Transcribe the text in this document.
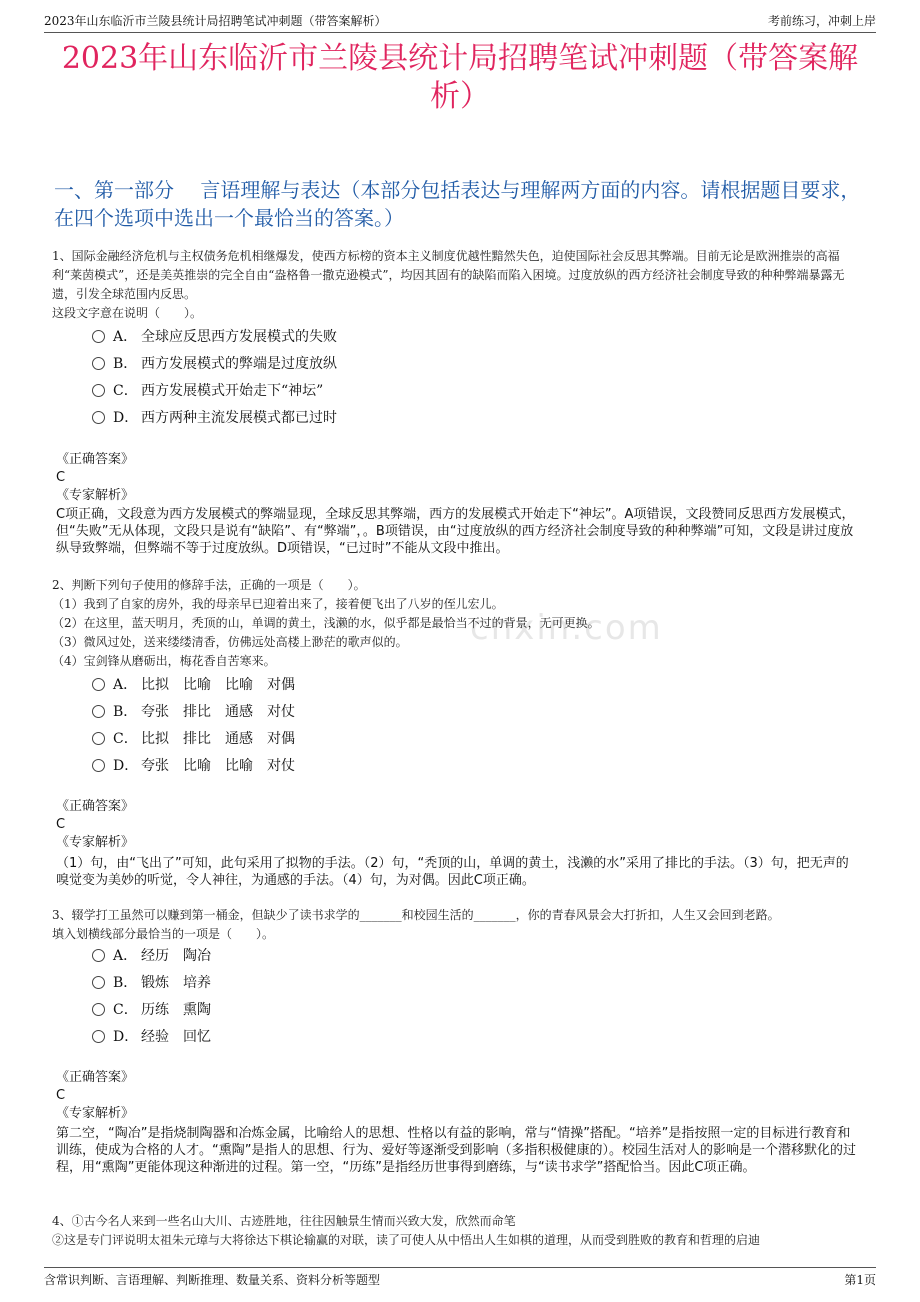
2023年山东临沂市兰陵县统计局招聘笔试冲刺题（带答案解析）	考前练习，冲刺上岸
2023年山东临沂市兰陵县统计局招聘笔试冲刺题（带答案解析）
一、第一部分　 言语理解与表达（本部分包括表达与理解两方面的内容。请根据题目要求，在四个选项中选出一个最恰当的答案。）

1、国际金融经济危机与主权债务危机相继爆发，使西方标榜的资本主义制度优越性黯然失色，迫使国际社会反思其弊端。目前无论是欧洲推崇的高福利“莱茵模式”，还是美英推崇的完全自由“盎格鲁一撒克逊模式”，均因其固有的缺陷而陷入困境。过度放纵的西方经济社会制度导致的种种弊端暴露无遗，引发全球范围内反思。

这段文字意在说明（　　）。

A． 全球应反思西方发展模式的失败
B． 西方发展模式的弊端是过度放纵
C． 西方发展模式开始走下“神坛”
D． 西方两种主流发展模式都已过时

《正确答案》

C

《专家解析》

C项正确，文段意为西方发展模式的弊端显现，全球反思其弊端，西方的发展模式开始走下“神坛”。A项错误，文段赞同反思西方发展模式，但“失败”无从体现，文段只是说有“缺陷”、有“弊端”，。B项错误，由“过度放纵的西方经济社会制度导致的种种弊端”可知，文段是讲过度放纵导致弊端，但弊端不等于过度放纵。D项错误，“已过时”不能从文段中推出。

2、判断下列句子使用的修辞手法，正确的一项是（　　）。

（1）我到了自家的房外，我的母亲早已迎着出来了，接着便飞出了八岁的侄儿宏儿。

（2）在这里，蓝天明月，秃顶的山，单调的黄土，浅濑的水，似乎都是最恰当不过的背景，无可更换。

（3）微风过处，送来缕缕清香，仿佛远处高楼上渺茫的歌声似的。

（4）宝剑锋从磨砺出，梅花香自苦寒来。

A． 比拟 比喻 比喻 对偶
B． 夸张 排比 通感 对仗
C． 比拟 排比 通感 对偶
D． 夸张 比喻 比喻 对仗

《正确答案》

C

《专家解析》

（1）句，由“飞出了”可知，此句采用了拟物的手法。（2）句，“秃顶的山，单调的黄土，浅濑的水”采用了排比的手法。（3）句，把无声的嗅觉变为美妙的听觉，令人神往，为通感的手法。（4）句，为对偶。因此C项正确。
cnxin.com

3、辍学打工虽然可以赚到第一桶金，但缺少了读书求学的_______和校园生活的_______，你的青春风景会大打折扣，人生又会回到老路。

填入划横线部分最恰当的一项是（　　）。

A． 经历 陶冶
B． 锻炼 培养
C． 历练 熏陶
D． 经验 回忆

《正确答案》

C

《专家解析》

第二空，“陶冶”是指烧制陶器和冶炼金属，比喻给人的思想、性格以有益的影响，常与“情操”搭配。“培养”是指按照一定的目标进行教育和训练，使成为合格的人才。“熏陶”是指人的思想、行为、爱好等逐渐受到影响（多指积极健康的）。校园生活对人的影响是一个潜移默化的过程，用“熏陶”更能体现这种渐进的过程。第一空，“历练”是指经历世事得到磨练，与“读书求学”搭配恰当。因此C项正确。

4、①古今名人来到一些名山大川、古迹胜地，往往因触景生情而兴致大发，欣然而命笔

②这是专门评说明太祖朱元璋与大将徐达下棋论输赢的对联，读了可使人从中悟出人生如棋的道理，从而受到胜败的教育和哲理的启迪

含常识判断、言语理解、判断推理、数量关系、资料分析等题型	第1页
